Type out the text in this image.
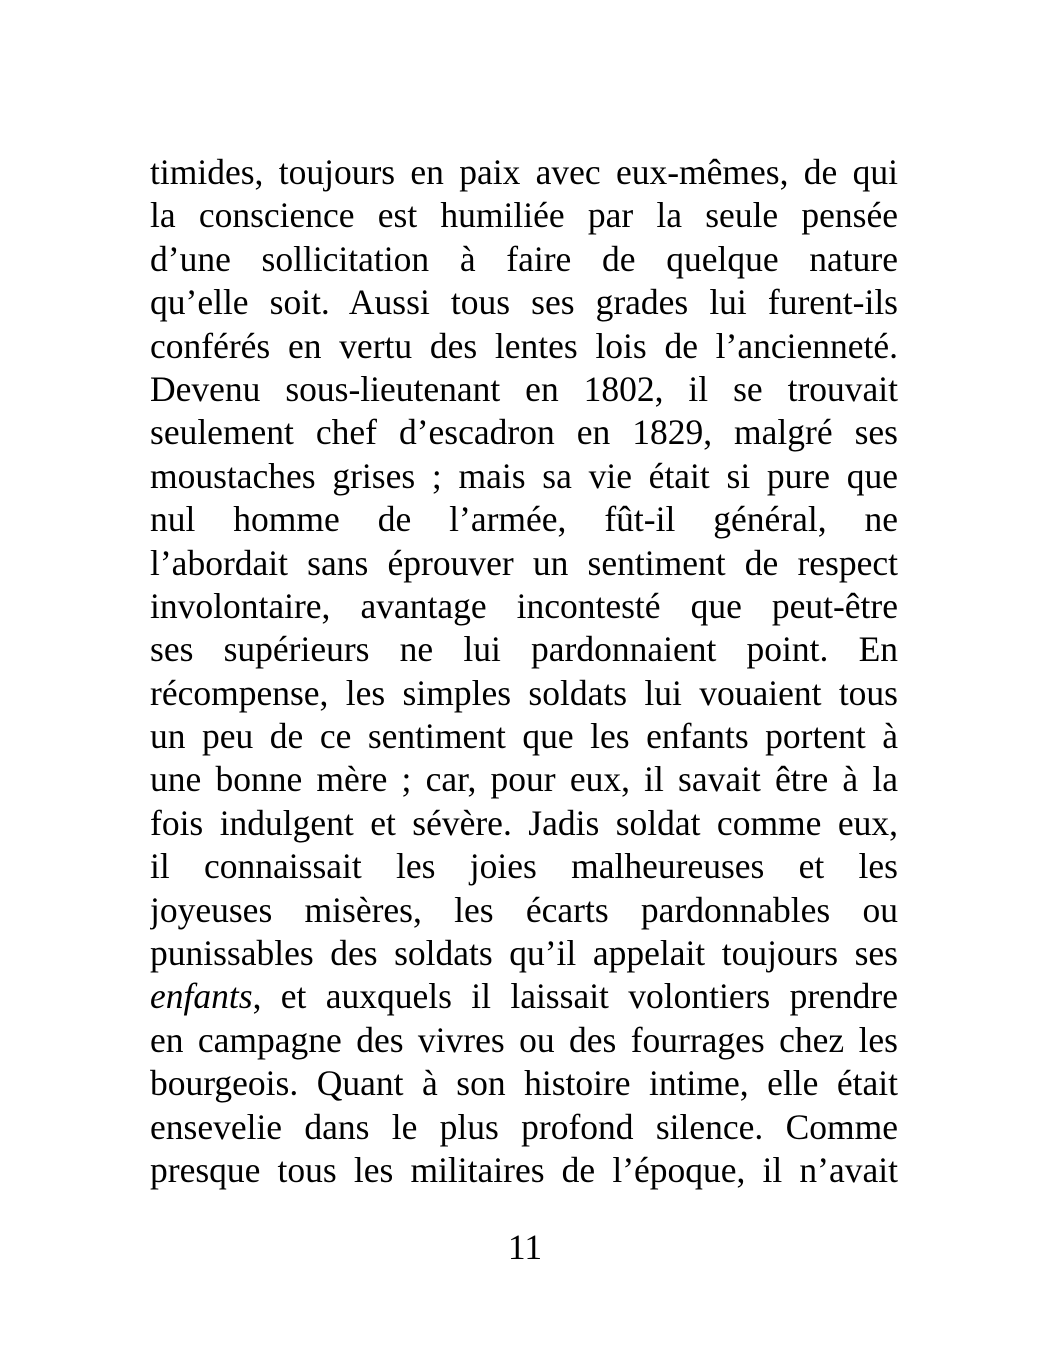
timides, toujours en paix avec eux-mêmes, de qui
la conscience est humiliée par la seule pensée
d’une sollicitation à faire de quelque nature
qu’elle soit. Aussi tous ses grades lui furent-ils
conférés en vertu des lentes lois de l’ancienneté.
Devenu sous-lieutenant en 1802, il se trouvait
seulement chef d’escadron en 1829, malgré ses
moustaches grises ; mais sa vie était si pure que
nul homme de l’armée, fût-il général, ne
l’abordait sans éprouver un sentiment de respect
involontaire, avantage incontesté que peut-être
ses supérieurs ne lui pardonnaient point. En
récompense, les simples soldats lui vouaient tous
un peu de ce sentiment que les enfants portent à
une bonne mère ; car, pour eux, il savait être à la
fois indulgent et sévère. Jadis soldat comme eux,
il connaissait les joies malheureuses et les
joyeuses misères, les écarts pardonnables ou
punissables des soldats qu’il appelait toujours ses
enfants, et auxquels il laissait volontiers prendre
en campagne des vivres ou des fourrages chez les
bourgeois. Quant à son histoire intime, elle était
ensevelie dans le plus profond silence. Comme
presque tous les militaires de l’époque, il n’avait
11
